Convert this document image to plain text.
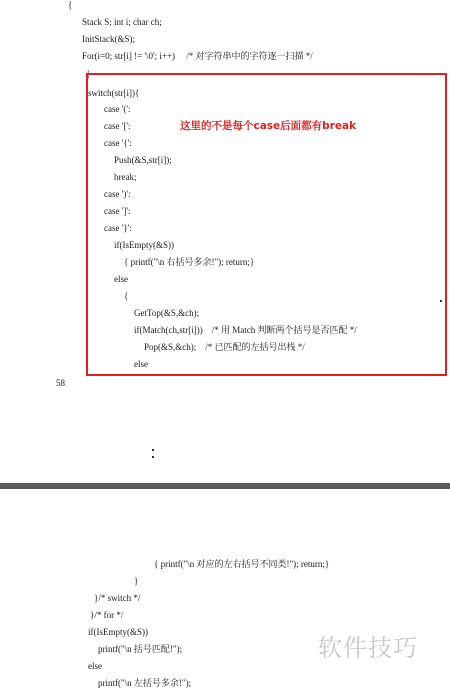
{

Stack S; int i; char ch;

InitStack(&S);

For(i=0; str[i] != '\0'; i++)     /* 对字符串中的字符逐一扫描 */

{

switch(str[i]){

case '(':

case '[':

case '{':

Push(&S,str[i]);

break;

case ')':

case ']':

case '}':

if(IsEmpty(&S))

{ printf("\n 右括号多余!"); return;}

else

{

GetTop(&S,&ch);

if(Match(ch,str[i]))    /* 用 Match 判断两个括号是否匹配 */

Pop(&S,&ch);    /* 已匹配的左括号出栈 */

else

这里的不是每个case后面都有break
58

{ printf("\n 对应的左右括号不同类!"); return;}

}

}/* switch */

}/* for */

if(IsEmpty(&S))

printf("\n 括号匹配!");

else

printf("\n 左括号多余!");

软件技巧
